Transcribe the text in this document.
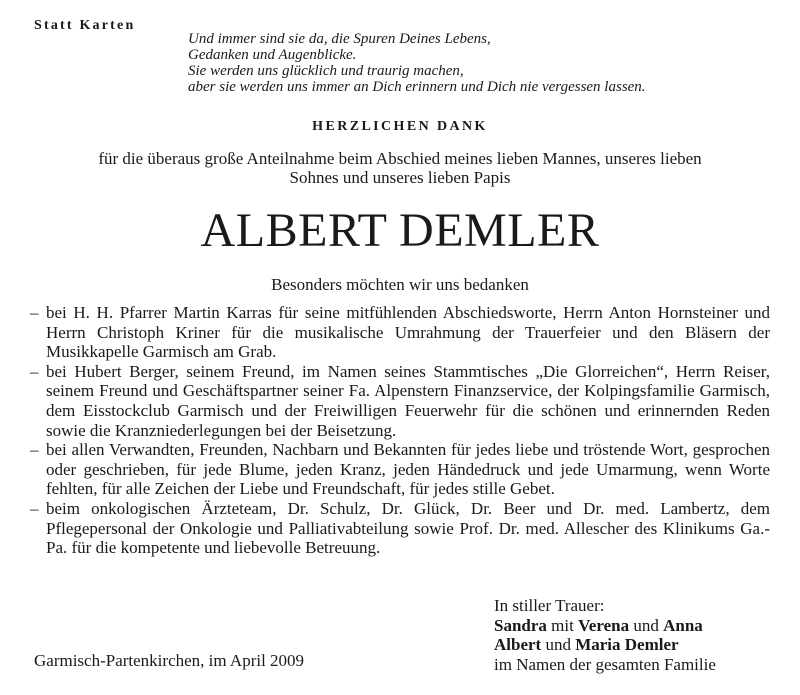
Statt Karten
Und immer sind sie da, die Spuren Deines Lebens,
Gedanken und Augenblicke.
Sie werden uns glücklich und traurig machen,
aber sie werden uns immer an Dich erinnern und Dich nie vergessen lassen.
HERZLICHEN DANK
für die überaus große Anteilnahme beim Abschied meines lieben Mannes, unseres lieben
Sohnes und unseres lieben Papis
ALBERT DEMLER
Besonders möchten wir uns bedanken
– bei H. H. Pfarrer Martin Karras für seine mitfühlenden Abschiedsworte, Herrn Anton Hornsteiner und Herrn Christoph Kriner für die musikalische Umrahmung der Trauerfeier und den Bläsern der Musikkapelle Garmisch am Grab.
– bei Hubert Berger, seinem Freund, im Namen seines Stammtisches „Die Glorreichen“, Herrn Reiser, seinem Freund und Geschäftspartner seiner Fa. Alpenstern Finanzservice, der Kolpingsfamilie Garmisch, dem Eisstockclub Garmisch und der Freiwilligen Feuerwehr für die schönen und erinnernden Reden sowie die Kranzniederlegungen bei der Beisetzung.
– bei allen Verwandten, Freunden, Nachbarn und Bekannten für jedes liebe und tröstende Wort, gesprochen oder geschrieben, für jede Blume, jeden Kranz, jeden Händedruck und jede Umarmung, wenn Worte fehlten, für alle Zeichen der Liebe und Freundschaft, für jedes stille Gebet.
– beim onkologischen Ärzteteam, Dr. Schulz, Dr. Glück, Dr. Beer und Dr. med. Lambertz, dem Pflegepersonal der Onkologie und Palliativabteilung sowie Prof. Dr. med. Allescher des Klinikums Ga.-Pa. für die kompetente und liebevolle Betreuung.
Garmisch-Partenkirchen, im April 2009
In stiller Trauer:
Sandra mit Verena und Anna
Albert und Maria Demler
im Namen der gesamten Familie
